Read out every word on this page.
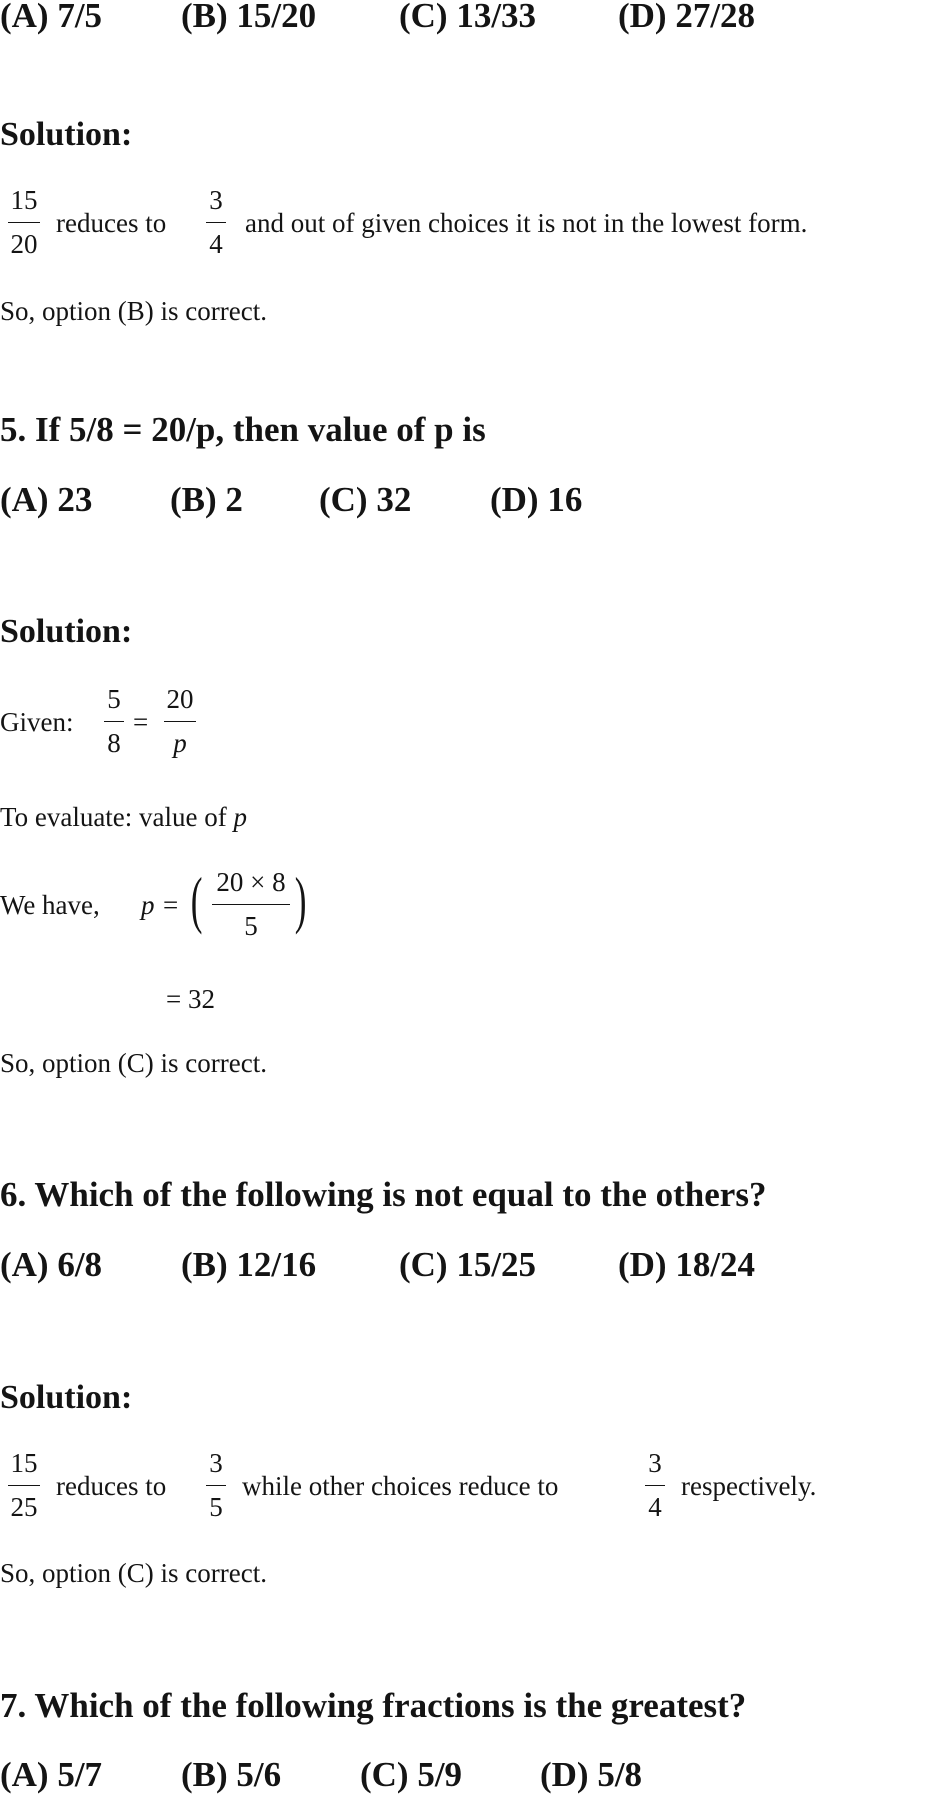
(A) 7/5 (B) 15/20 (C) 13/33 (D) 27/28
Solution:
15
20
reduces to
3
4
and out of given choices it is not in the lowest form.
So, option (B) is correct.
5. If 5/8 = 20/p, then value of p is
(A) 23 (B) 2 (C) 32 (D) 16
Solution:
Given:
5
8
=
20
p
To evaluate: value of p
We have, p = ( 20 × 8
5 )
= 32
So, option (C) is correct.
6. Which of the following is not equal to the others?
(A) 6/8 (B) 12/16 (C) 15/25 (D) 18/24
Solution:
15
25
reduces to
3
5
while other choices reduce to
3
4
respectively.
So, option (C) is correct.
7. Which of the following fractions is the greatest?
(A) 5/7 (B) 5/6 (C) 5/9 (D) 5/8
